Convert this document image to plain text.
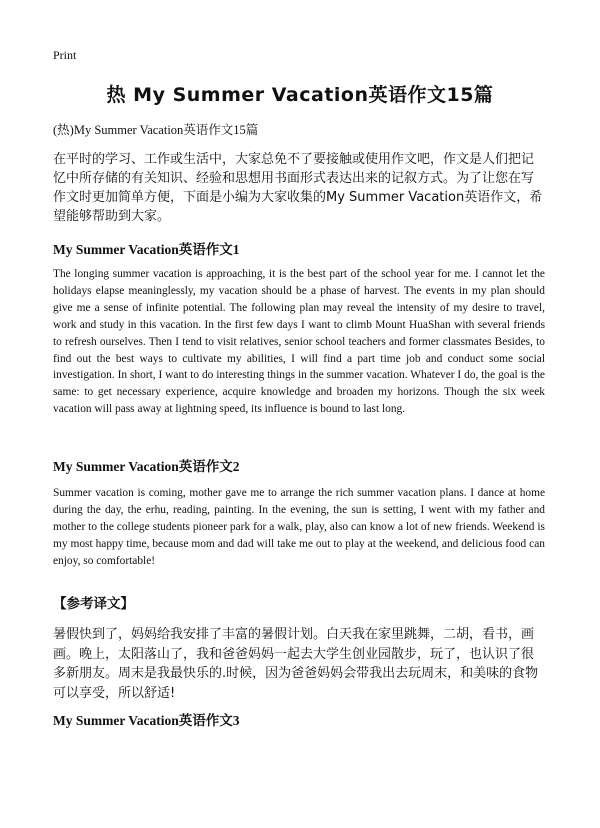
Print
热 My Summer Vacation英语作文15篇
(热)My Summer Vacation英语作文15篇
在平时的学习、工作或生活中，大家总免不了要接触或使用作文吧，作文是人们把记忆中所存储的有关知识、经验和思想用书面形式表达出来的记叙方式。为了让您在写作文时更加简单方便，下面是小编为大家收集的My Summer Vacation英语作文，希望能够帮助到大家。
My Summer Vacation英语作文1
The longing summer vacation is approaching, it is the best part of the school year for me. I cannot let the holidays elapse meaninglessly, my vacation should be a phase of harvest. The events in my plan should give me a sense of infinite potential. The following plan may reveal the intensity of my desire to travel, work and study in this vacation. In the first few days I want to climb Mount HuaShan with several friends to refresh ourselves. Then I tend to visit relatives, senior school teachers and former classmates Besides, to find out the best ways to cultivate my abilities, I will find a part time job and conduct some social investigation. In short, I want to do interesting things in the summer vacation. Whatever I do, the goal is the same: to get necessary experience, acquire knowledge and broaden my horizons. Though the six week vacation will pass away at lightning speed, its influence is bound to last long.
My Summer Vacation英语作文2
Summer vacation is coming, mother gave me to arrange the rich summer vacation plans. I dance at home during the day, the erhu, reading, painting. In the evening, the sun is setting, I went with my father and mother to the college students pioneer park for a walk, play, also can know a lot of new friends. Weekend is my most happy time, because mom and dad will take me out to play at the weekend, and delicious food can enjoy, so comfortable!
【参考译文】
暑假快到了，妈妈给我安排了丰富的暑假计划。白天我在家里跳舞，二胡，看书，画画。晚上，太阳落山了，我和爸爸妈妈一起去大学生创业园散步，玩了，也认识了很多新朋友。周末是我最快乐的.时候，因为爸爸妈妈会带我出去玩周末，和美味的食物可以享受，所以舒适!
My Summer Vacation英语作文3
